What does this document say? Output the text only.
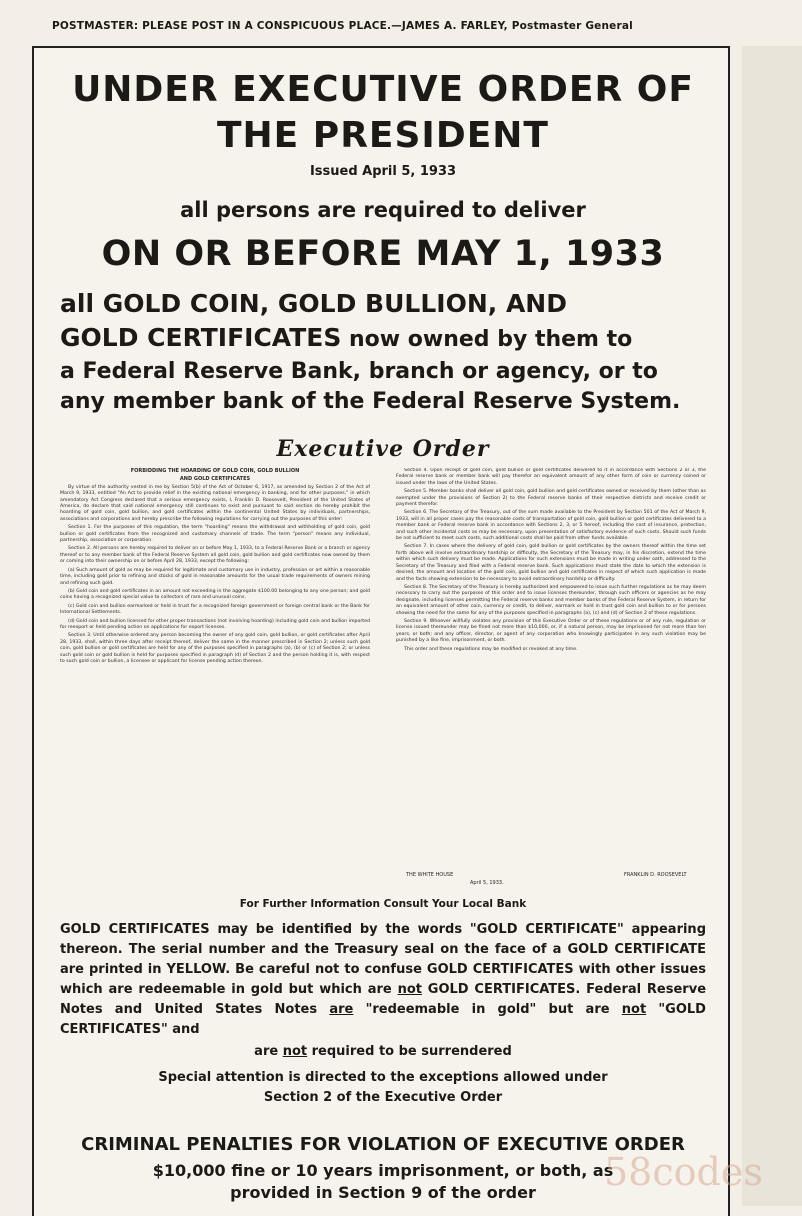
POSTMASTER: PLEASE POST IN A CONSPICUOUS PLACE.—JAMES A. FARLEY, Postmaster General
UNDER EXECUTIVE ORDER OF
THE PRESIDENT
Issued April 5, 1933
all persons are required to deliver
ON OR BEFORE MAY 1, 1933
all GOLD COIN, GOLD BULLION, AND
GOLD CERTIFICATES now owned by them to
a Federal Reserve Bank, branch or agency, or to
any member bank of the Federal Reserve System.
Executive Order

FORBIDDING THE HOARDING OF GOLD COIN, GOLD BULLION

AND GOLD CERTIFICATES

By virtue of the authority vested in me by Section 5(b) of the Act of October 6, 1917, as amended by Section 2 of the Act of March 9, 1933, entitled "An Act to provide relief in the existing national emergency in banking, and for other purposes," in which amendatory Act Congress declared that a serious emergency exists, I, Franklin D. Roosevelt, President of the United States of America, do declare that said national emergency still continues to exist and pursuant to said section do hereby prohibit the hoarding of gold coin, gold bullion, and gold certificates within the continental United States by individuals, partnerships, associations and corporations and hereby prescribe the following regulations for carrying out the purposes of this order:

Section 1. For the purposes of this regulation, the term "hoarding" means the withdrawal and withholding of gold coin, gold bullion or gold certificates from the recognized and customary channels of trade. The term "person" means any individual, partnership, association or corporation.

Section 2. All persons are hereby required to deliver on or before May 1, 1933, to a Federal Reserve Bank or a branch or agency thereof or to any member bank of the Federal Reserve System all gold coin, gold bullion and gold certificates now owned by them or coming into their ownership on or before April 28, 1933, except the following:

(a) Such amount of gold as may be required for legitimate and customary use in industry, profession or art within a reasonable time, including gold prior to refining and stocks of gold in reasonable amounts for the usual trade requirements of owners mining and refining such gold.

(b) Gold coin and gold certificates in an amount not exceeding in the aggregate $100.00 belonging to any one person; and gold coins having a recognized special value to collectors of rare and unusual coins.

(c) Gold coin and bullion earmarked or held in trust for a recognized foreign government or foreign central bank or the Bank for International Settlements.

(d) Gold coin and bullion licensed for other proper transactions (not involving hoarding) including gold coin and bullion imported for reexport or held pending action on applications for export licenses.

Section 3. Until otherwise ordered any person becoming the owner of any gold coin, gold bullion, or gold certificates after April 28, 1933, shall, within three days after receipt thereof, deliver the same in the manner prescribed in Section 2; unless such gold coin, gold bullion or gold certificates are held for any of the purposes specified in paragraphs (a), (b) or (c) of Section 2; or unless such gold coin or gold bullion is held for purposes specified in paragraph (d) of Section 2 and the person holding it is, with respect to such gold coin or bullion, a licensee or applicant for license pending action thereon.

Section 4. Upon receipt of gold coin, gold bullion or gold certificates delivered to it in accordance with Sections 2 or 3, the Federal reserve bank or member bank will pay therefor an equivalent amount of any other form of coin or currency coined or issued under the laws of the United States.

Section 5. Member banks shall deliver all gold coin, gold bullion and gold certificates owned or received by them (other than as exempted under the provisions of Section 2) to the Federal reserve banks of their respective districts and receive credit or payment therefor.

Section 6. The Secretary of the Treasury, out of the sum made available to the President by Section 501 of the Act of March 9, 1933, will in all proper cases pay the reasonable costs of transportation of gold coin, gold bullion or gold certificates delivered to a member bank or Federal reserve bank in accordance with Sections 2, 3, or 5 hereof, including the cost of insurance, protection, and such other incidental costs as may be necessary, upon presentation of satisfactory evidence of such costs. Should such funds be not sufficient to meet such costs, such additional costs shall be paid from other funds available.

Section 7. In cases where the delivery of gold coin, gold bullion or gold certificates by the owners thereof within the time set forth above will involve extraordinary hardship or difficulty, the Secretary of the Treasury may, in his discretion, extend the time within which such delivery must be made. Applications for such extensions must be made in writing under oath, addressed to the Secretary of the Treasury and filed with a Federal reserve bank. Such applications must state the date to which the extension is desired, the amount and location of the gold coin, gold bullion and gold certificates in respect of which such application is made and the facts showing extension to be necessary to avoid extraordinary hardship or difficulty.

Section 8. The Secretary of the Treasury is hereby authorized and empowered to issue such further regulations as he may deem necessary to carry out the purposes of this order and to issue licenses thereunder, through such officers or agencies as he may designate, including licenses permitting the Federal reserve banks and member banks of the Federal Reserve System, in return for an equivalent amount of other coin, currency or credit, to deliver, earmark or hold in trust gold coin and bullion to or for persons showing the need for the same for any of the purposes specified in paragraphs (a), (c) and (d) of Section 2 of these regulations.

Section 9. Whoever willfully violates any provision of this Executive Order or of these regulations or of any rule, regulation or license issued thereunder may be fined not more than $10,000, or, if a natural person, may be imprisoned for not more than ten years, or both; and any officer, director, or agent of any corporation who knowingly participates in any such violation may be punished by a like fine, imprisonment, or both.

This order and these regulations may be modified or revoked at any time.

THE WHITE HOUSE
April 5, 1933.
FRANKLIN D. ROOSEVELT
For Further Information Consult Your Local Bank
GOLD CERTIFICATES may be identified by the words "GOLD CERTIFICATE" appearing thereon. The serial number and the Treasury seal on the face of a GOLD CERTIFICATE are printed in YELLOW. Be careful not to confuse GOLD CERTIFICATES with other issues which are redeemable in gold but which are not GOLD CERTIFICATES. Federal Reserve Notes and United States Notes are "redeemable in gold" but are not "GOLD CERTIFICATES" and
are not required to be surrendered
Special attention is directed to the exceptions allowed under
Section 2 of the Executive Order
CRIMINAL PENALTIES FOR VIOLATION OF EXECUTIVE ORDER
$10,000 fine or 10 years imprisonment, or both, as
provided in Section 9 of the order	58codes
